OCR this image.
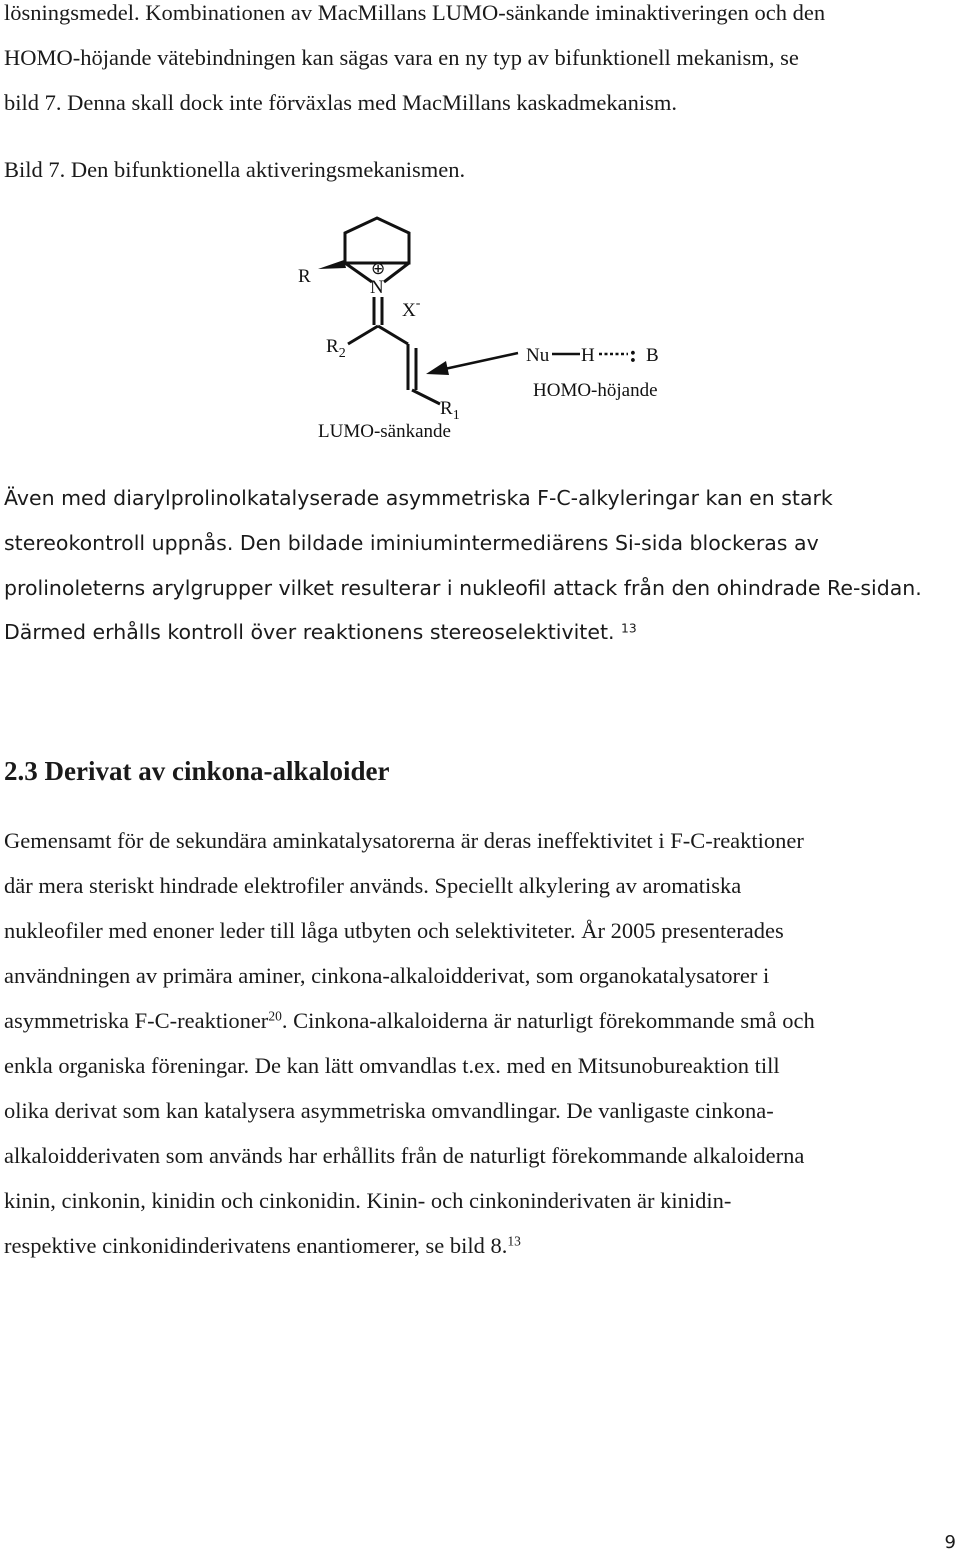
lösningsmedel. Kombinationen av MacMillans LUMO-sänkande iminaktiveringen och den
HOMO-höjande vätebindningen kan sägas vara en ny typ av bifunktionell mekanism, se
bild 7. Denna skall dock inte förväxlas med MacMillans kaskadmekanism.
Bild 7. Den bifunktionella aktiveringsmekanismen.
R	⊕
N
X-
$R_2$
$R_1$
Nu H : B
HOMO-höjande
LUMO-sänkande
Även med diarylprolinolkatalyserade asymmetriska F-C-alkyleringar kan en stark
stereokontroll uppnås. Den bildade iminiumintermediärens Si-sida blockeras av
prolinoleterns arylgrupper vilket resulterar i nukleofil attack från den ohindrade Re-sidan.
Därmed erhålls kontroll över reaktionens stereoselektivitet. $^{13}$
2.3 Derivat av cinkona-alkaloider
Gemensamt för de sekundära aminkatalysatorerna är deras ineffektivitet i F-C-reaktioner
där mera steriskt hindrade elektrofiler används. Speciellt alkylering av aromatiska
nukleofiler med enoner leder till låga utbyten och selektiviteter. År 2005 presenterades
användningen av primära aminer, cinkona-alkaloidderivat, som organokatalysatorer i
asymmetriska F-C-reaktioner$^{20}$. Cinkona-alkaloiderna är naturligt förekommande små och
enkla organiska föreningar. De kan lätt omvandlas t.ex. med en Mitsunobureaktion till
olika derivat som kan katalysera asymmetriska omvandlingar. De vanligaste cinkona-
alkaloidderivaten som används har erhållits från de naturligt förekommande alkaloiderna
kinin, cinkonin, kinidin och cinkonidin. Kinin- och cinkoninderivaten är kinidin-
respektive cinkonidinderivatens enantiomerer, se bild 8.13
9
